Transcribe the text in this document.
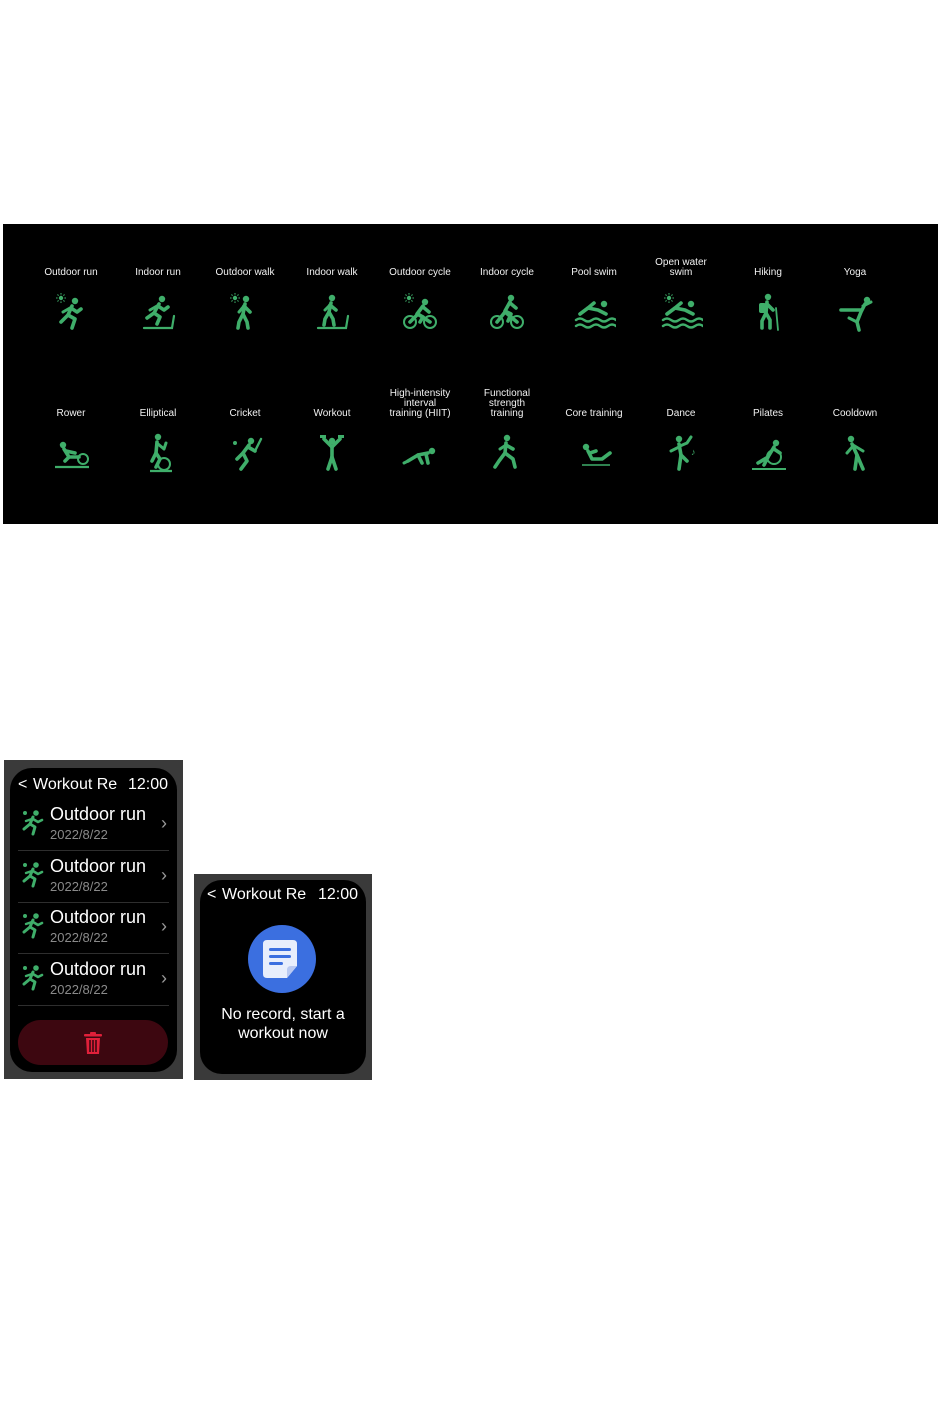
Outdoor run	Indoor run	Outdoor walk	Indoor walk	Outdoor cycle	Indoor cycle	Pool swim
Open water
swim	Hiking	Yoga
Rower	Elliptical	Cricket	Workout
High-intensity
interval
training (HIIT)
Functional
strength
training	Core training	Dance
♪
Pilates	Cooldown
< Workout Re 12:00
Outdoor run
2022/8/22
›
Outdoor run
2022/8/22
›
Outdoor run
2022/8/22
›
Outdoor run
2022/8/22
›
< Workout Re 12:00
No record, start a
workout now
